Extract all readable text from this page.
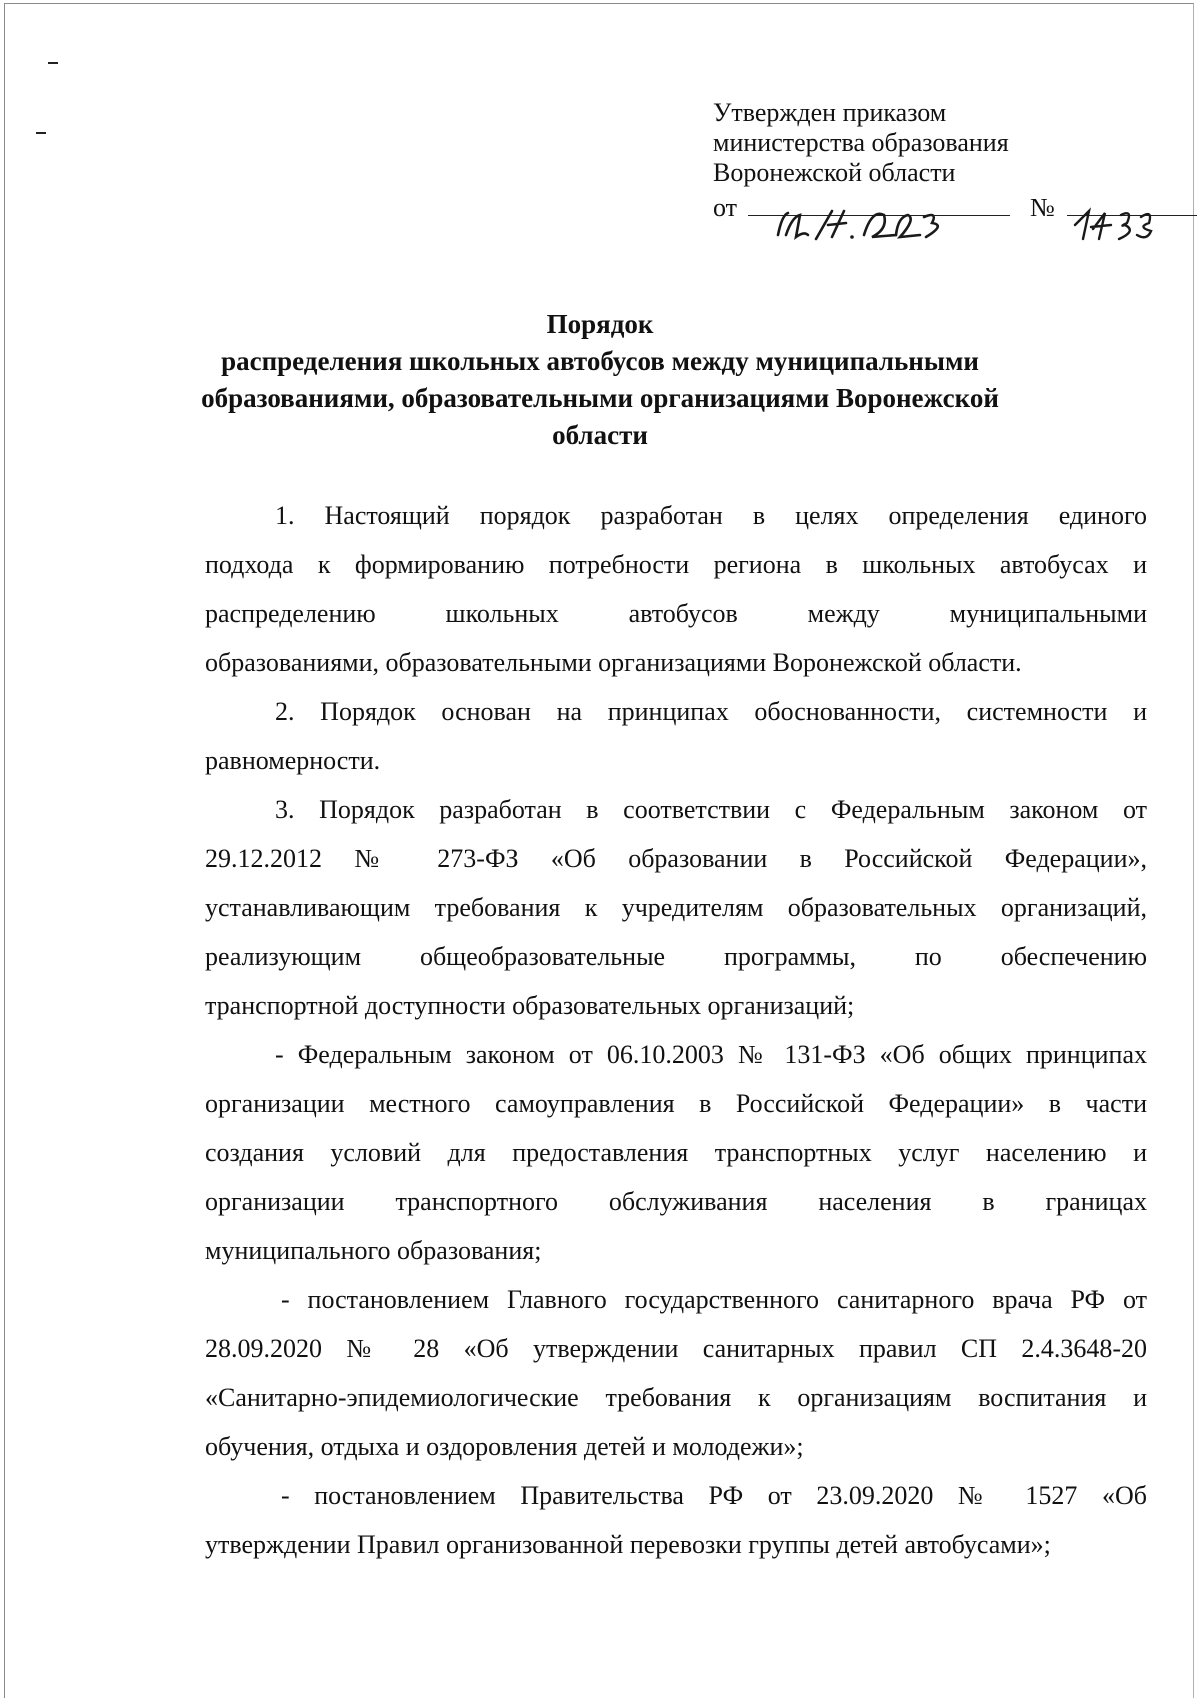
Утвержден приказом
министерства образования
Воронежской области
от	№
Порядок
распределения школьных автобусов между муниципальными
образованиями, образовательными организациями Воронежской
области
1. Настоящий порядок разработан в целях определения единого
подхода к формированию потребности региона в школьных автобусах и
распределению школьных автобусов между муниципальными
образованиями, образовательными организациями Воронежской области.
2. Порядок основан на принципах обоснованности, системности и
равномерности.
3. Порядок разработан в соответствии с Федеральным законом от
29.12.2012 № 273-ФЗ «Об образовании в Российской Федерации»,
устанавливающим требования к учредителям образовательных организаций,
реализующим общеобразовательные программы, по обеспечению
транспортной доступности образовательных организаций;
- Федеральным законом от 06.10.2003 № 131-ФЗ «Об общих принципах
организации местного самоуправления в Российской Федерации» в части
создания условий для предоставления транспортных услуг населению и
организации транспортного обслуживания населения в границах
муниципального образования;
- постановлением Главного государственного санитарного врача РФ от
28.09.2020 № 28 «Об утверждении санитарных правил СП 2.4.3648-20
«Санитарно-эпидемиологические требования к организациям воспитания и
обучения, отдыха и оздоровления детей и молодежи»;
- постановлением Правительства РФ от 23.09.2020 № 1527 «Об
утверждении Правил организованной перевозки группы детей автобусами»;
